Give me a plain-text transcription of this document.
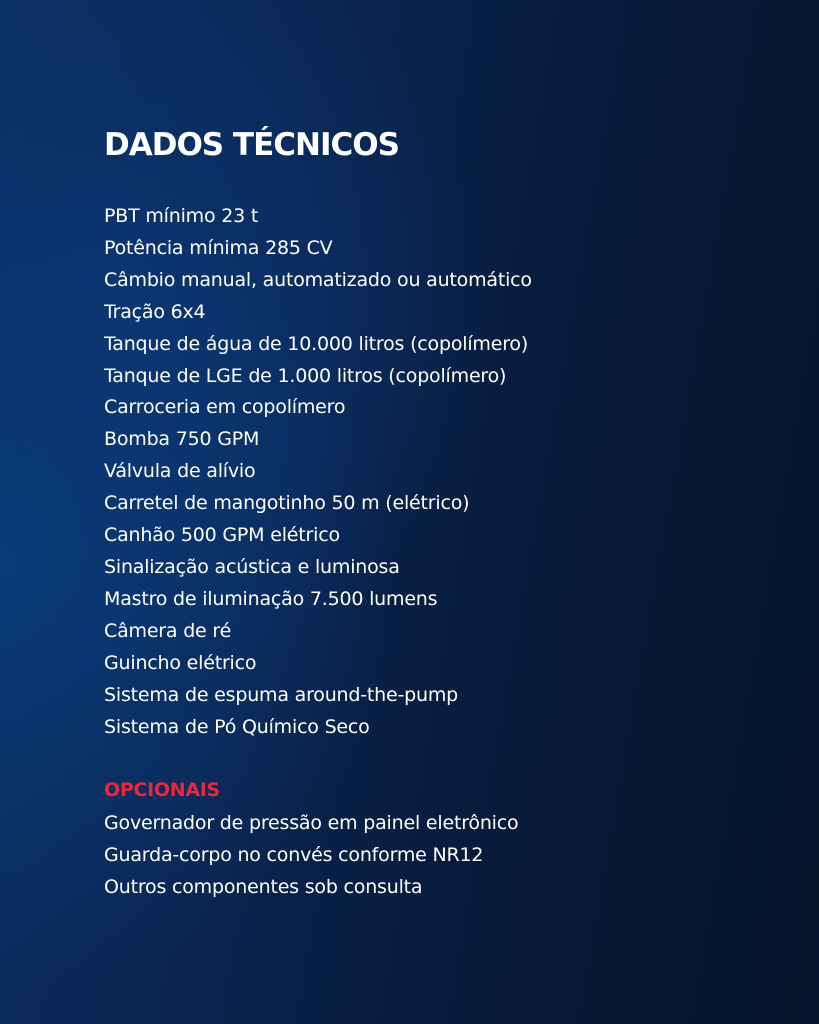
DADOS TÉCNICOS
PBT mínimo 23 t
Potência mínima 285 CV
Câmbio manual, automatizado ou automático
Tração 6x4
Tanque de água de 10.000 litros (copolímero)
Tanque de LGE de 1.000 litros (copolímero)
Carroceria em copolímero
Bomba 750 GPM
Válvula de alívio
Carretel de mangotinho 50 m (elétrico)
Canhão 500 GPM elétrico
Sinalização acústica e luminosa
Mastro de iluminação 7.500 lumens
Câmera de ré
Guincho elétrico
Sistema de espuma around-the-pump
Sistema de Pó Químico Seco
OPCIONAIS
Governador de pressão em painel eletrônico
Guarda-corpo no convés conforme NR12
Outros componentes sob consulta
